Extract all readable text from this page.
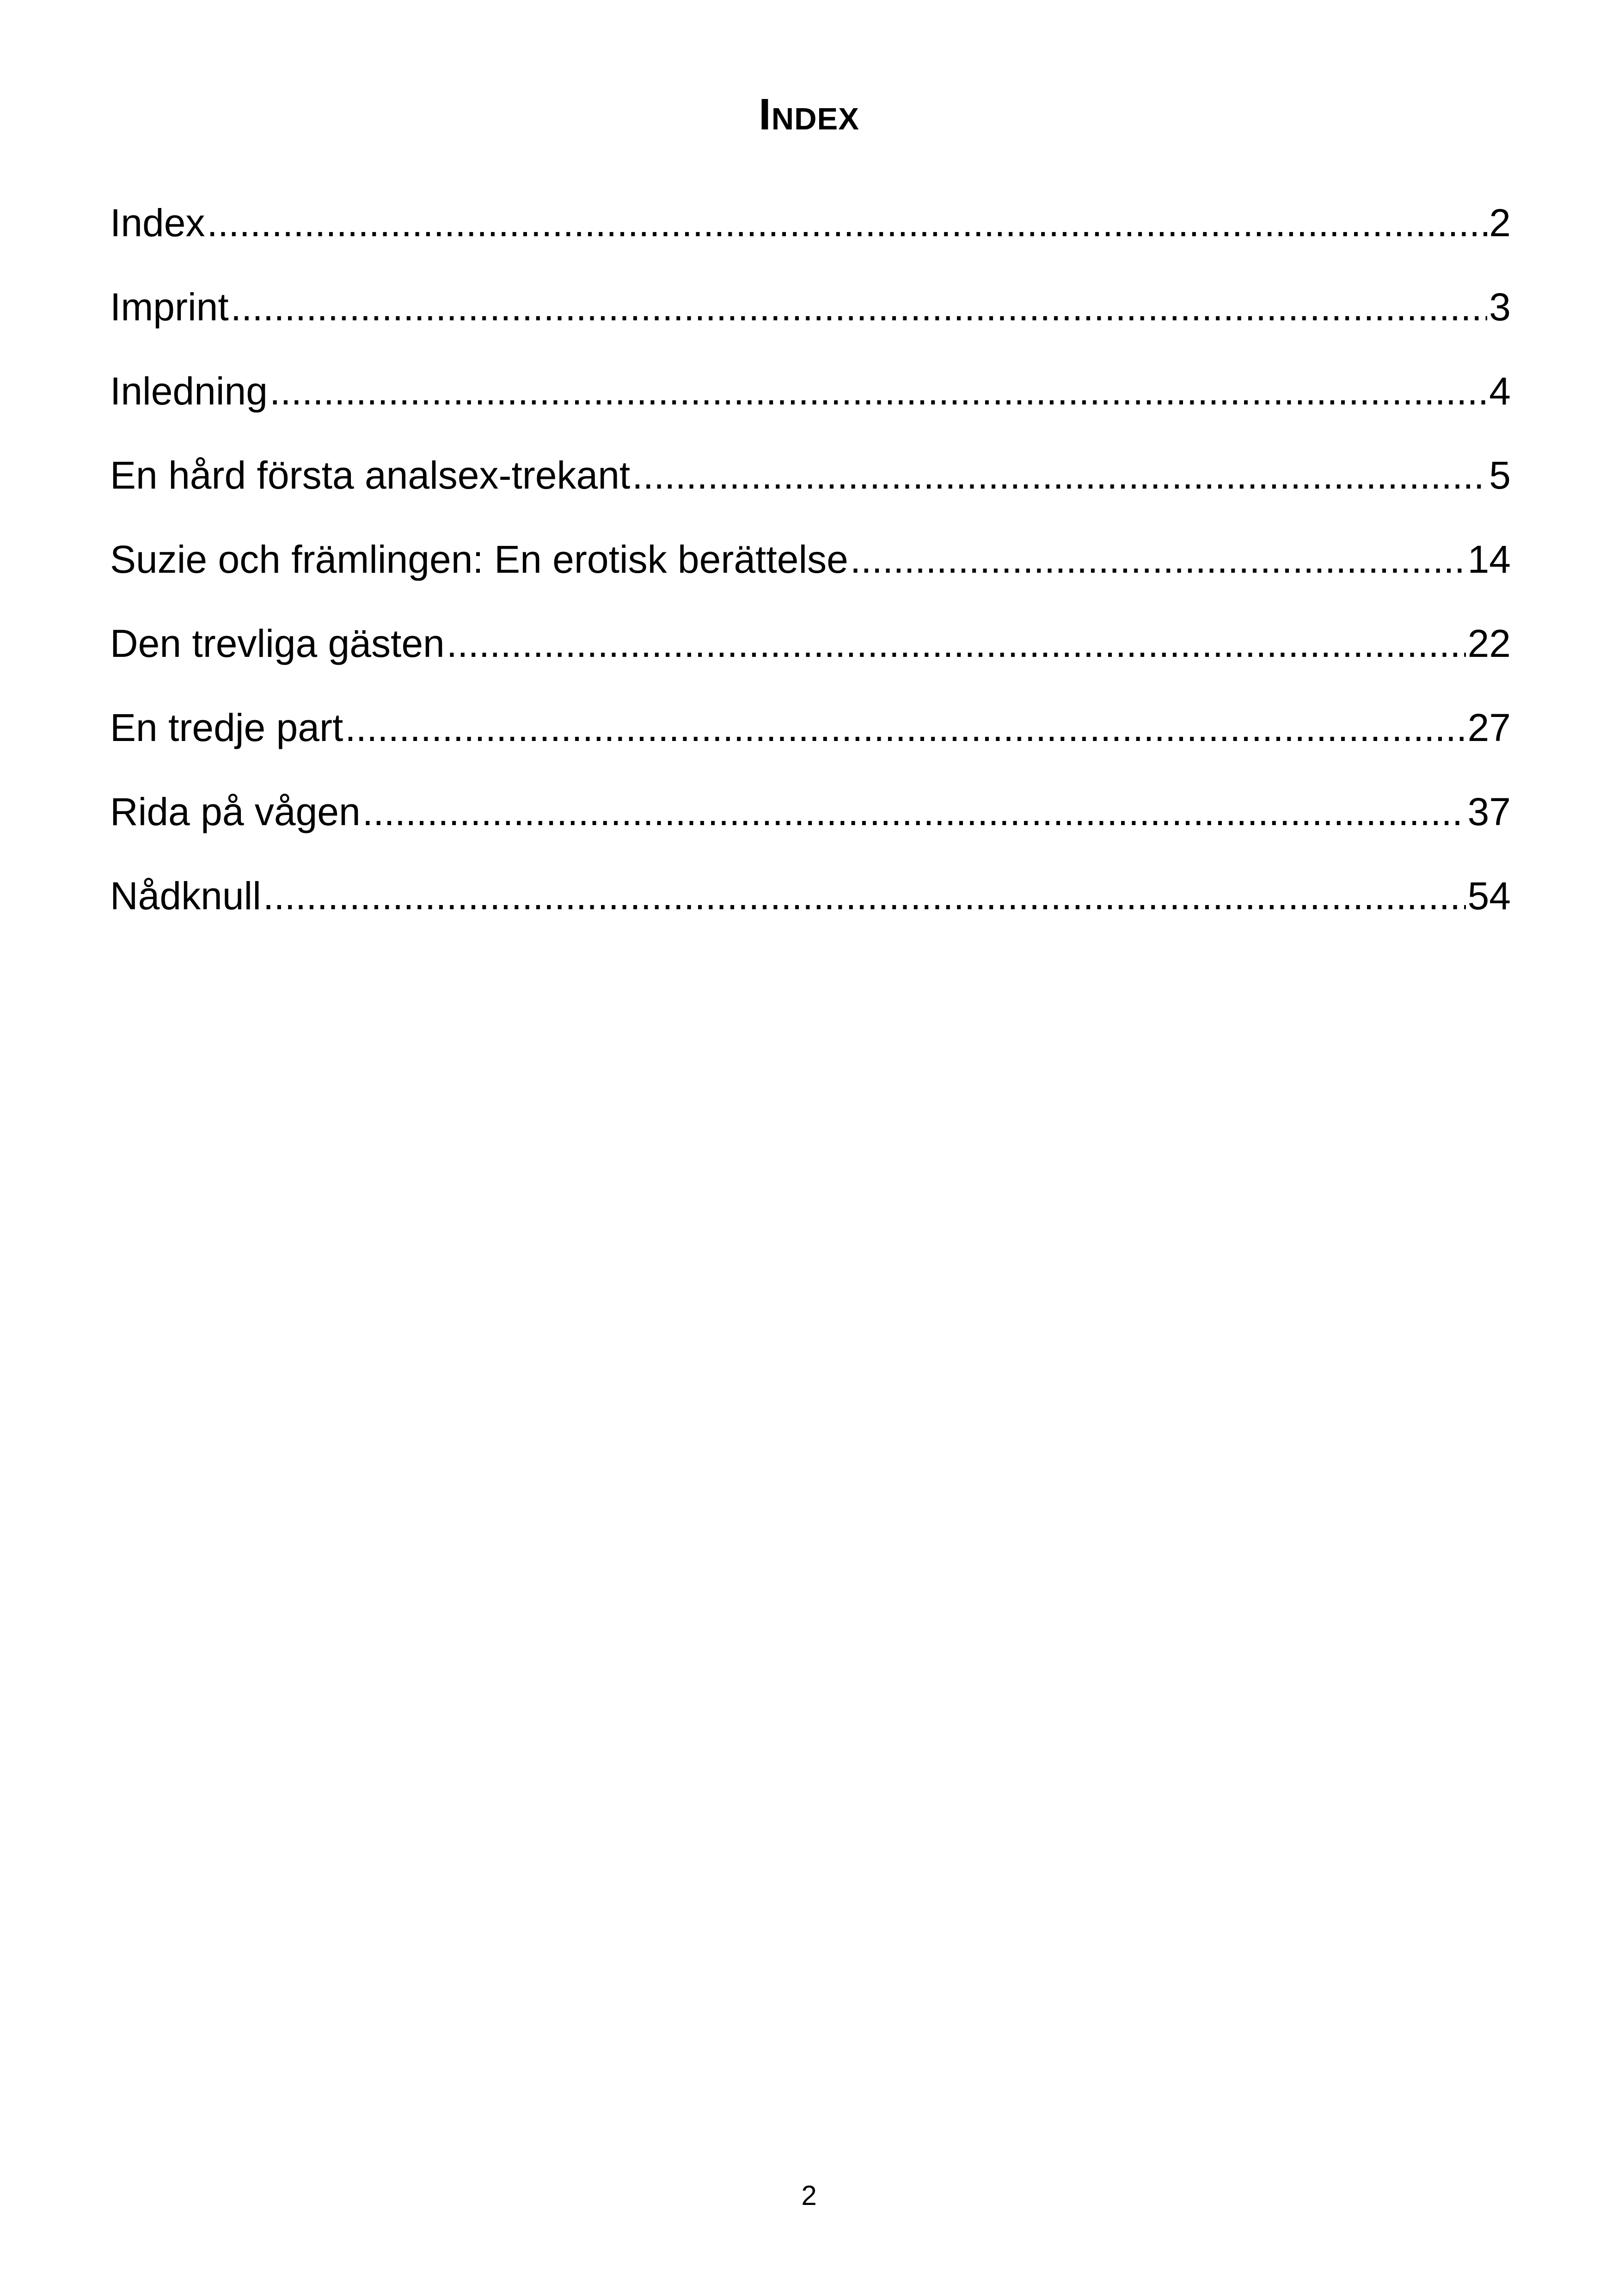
Index
Index .....	2
Imprint .....	3
Inledning .....	4
En hård första analsex-trekant .....	5
Suzie och främlingen: En erotisk berättelse .....	14
Den trevliga gästen .....	22
En tredje part .....	27
Rida på vågen .....	37
Nådknull .....	54
2
